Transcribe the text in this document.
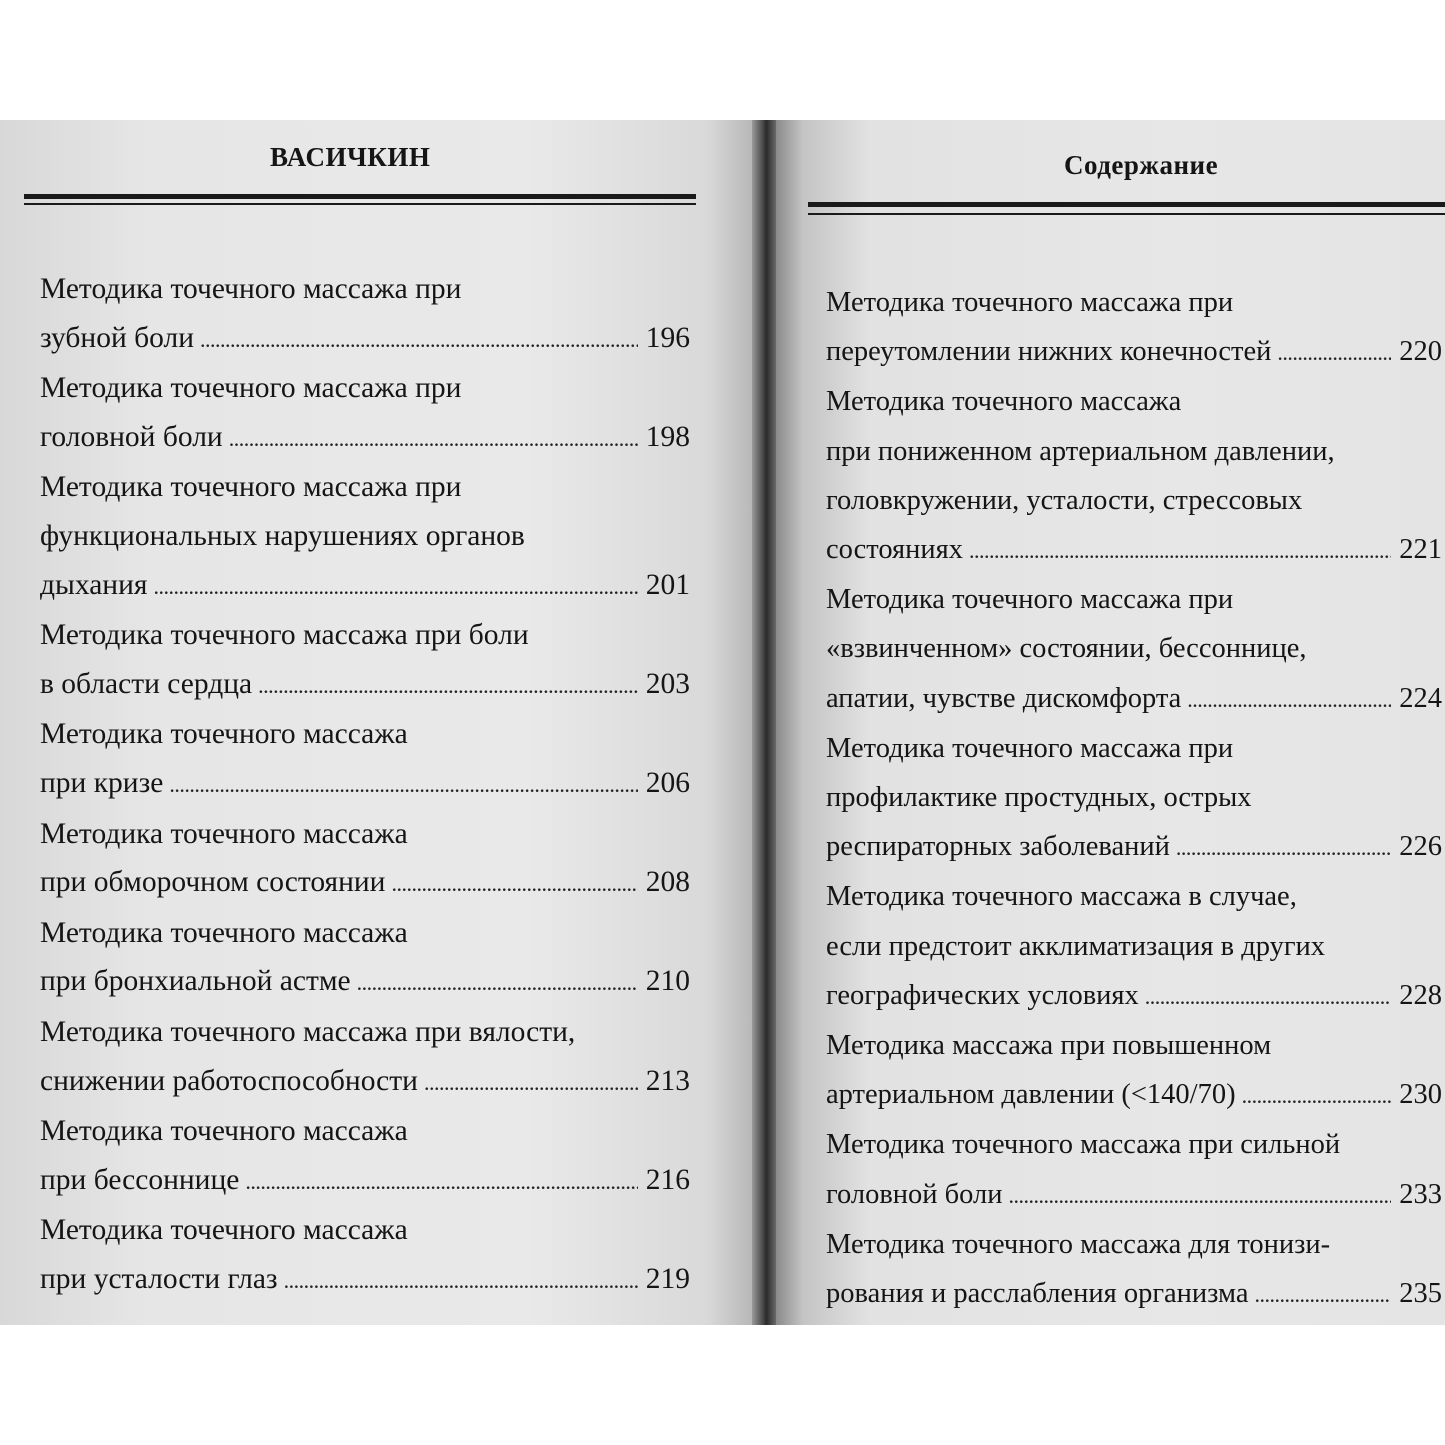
ВАСИЧКИН
Методика точечного массажа при
зубной боли . . .	196
Методика точечного массажа при
головной боли . . .	198
Методика точечного массажа при
функциональных нарушениях органов
дыхания . . .	201
Методика точечного массажа при боли
в области сердца . . .	203
Методика точечного массажа
при кризе . . .	206
Методика точечного массажа
при обморочном состоянии . . .	208
Методика точечного массажа
при бронхиальной астме . . .	210
Методика точечного массажа при вялости,
снижении работоспособности . . .	213
Методика точечного массажа
при бессоннице . . .	216
Методика точечного массажа
при усталости глаз . . .	219
Содержание
Методика точечного массажа при
переутомлении нижних конечностей . . .	220
Методика точечного массажа
при пониженном артериальном давлении,
головкружении, усталости, стрессовых
состояниях . . .	221
Методика точечного массажа при
«взвинченном» состоянии, бессоннице,
апатии, чувстве дискомфорта . . .	224
Методика точечного массажа при
профилактике простудных, острых
респираторных заболеваний . . .	226
Методика точечного массажа в случае,
если предстоит акклиматизация в других
географических условиях . . .	228
Методика массажа при повышенном
артериальном давлении (<140/70) . . .	230
Методика точечного массажа при сильной
головной боли . . .	233
Методика точечного массажа для тонизи-
рования и расслабления организма . . .	235
